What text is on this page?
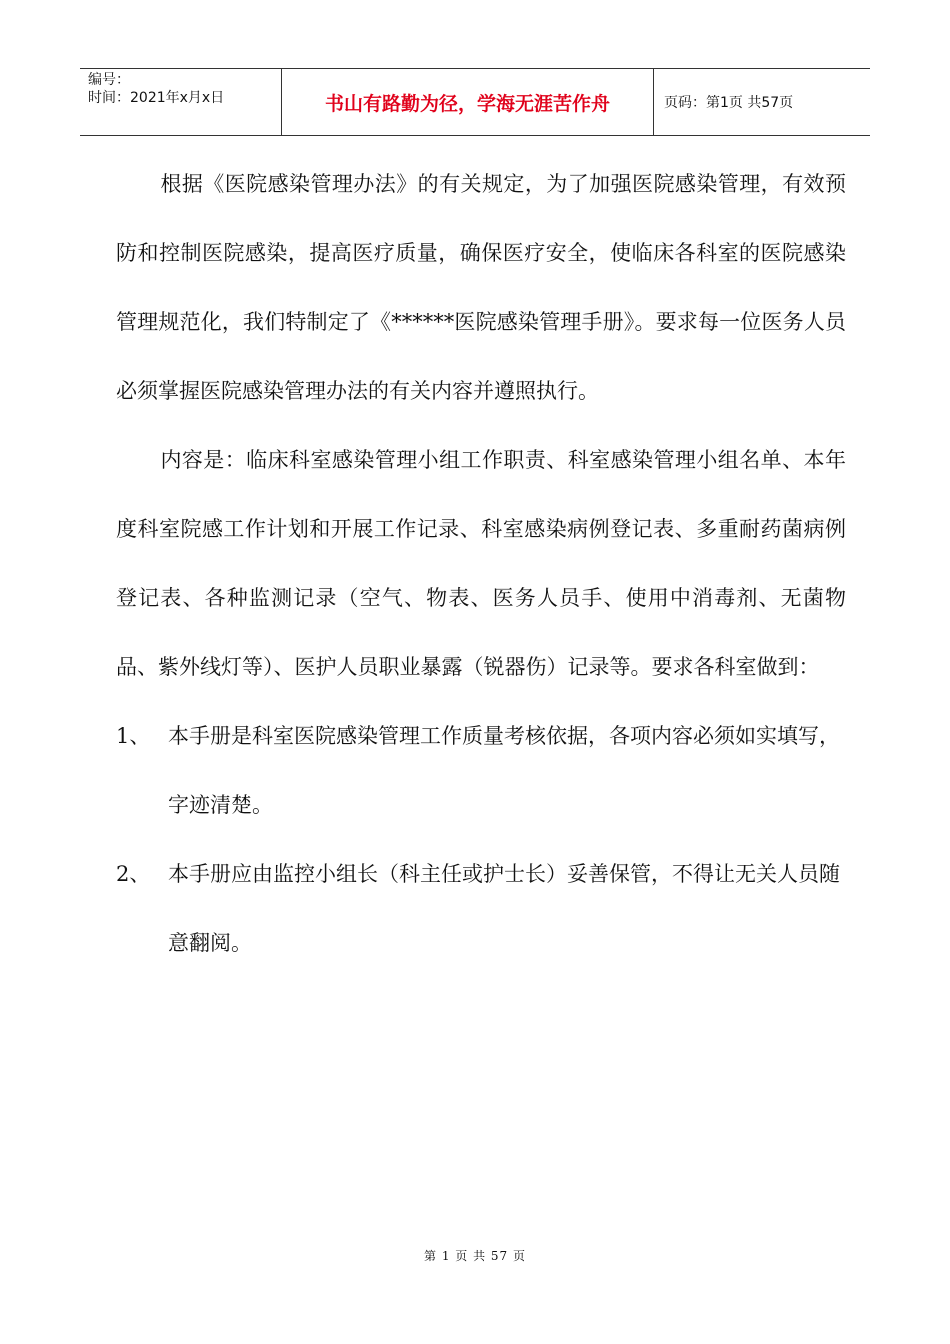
编号：
时间：2021年x月x日	书山有路勤为径，学海无涯苦作舟	页码：第1页 共57页

根据《医院感染管理办法》的有关规定，为了加强医院感染管理，有效预防和控制医院感染，提高医疗质量，确保医疗安全，使临床各科室的医院感染管理规范化，我们特制定了《******医院感染管理手册》。要求每一位医务人员必须掌握医院感染管理办法的有关内容并遵照执行。

内容是：临床科室感染管理小组工作职责、科室感染管理小组名单、本年度科室院感工作计划和开展工作记录、科室感染病例登记表、多重耐药菌病例登记表、各种监测记录（空气、物表、医务人员手、使用中消毒剂、无菌物品、紫外线灯等）、医护人员职业暴露（锐器伤）记录等。要求各科室做到：

1、 本手册是科室医院感染管理工作质量考核依据，各项内容必须如实填写，字迹清楚。
2、 本手册应由监控小组长（科主任或护士长）妥善保管，不得让无关人员随意翻阅。
第 1 页 共 57 页
